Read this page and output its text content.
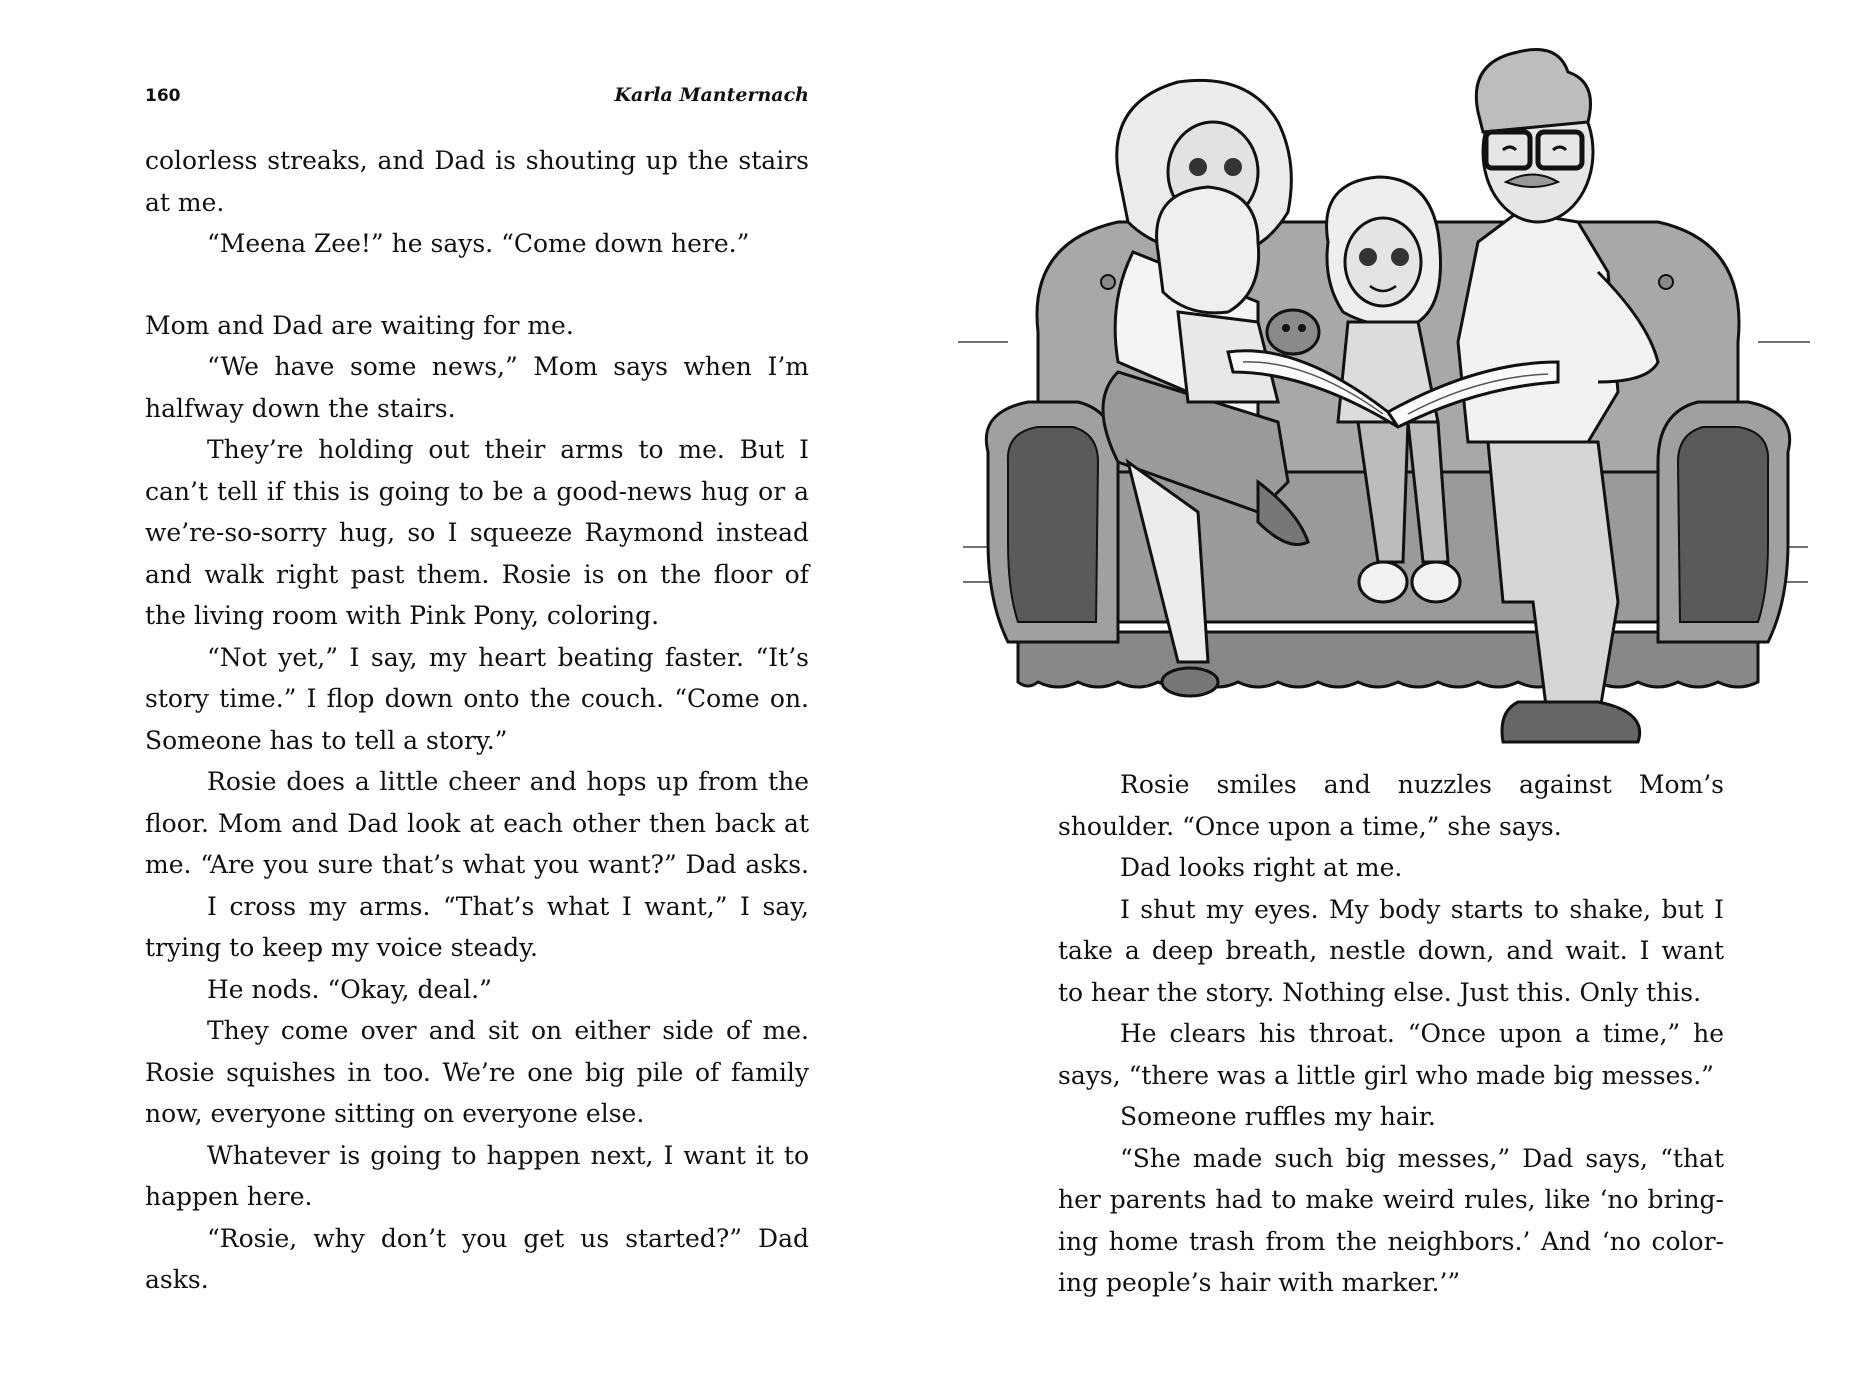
160	Karla Manternach
colorless streaks, and Dad is shouting up the stairs
at me.
“Meena Zee!” he says. “Come down here.”
Mom and Dad are waiting for me.
“We have some news,” Mom says when I’m
halfway down the stairs.
They’re holding out their arms to me. But I
can’t tell if this is going to be a good-news hug or a
we’re-so-sorry hug, so I squeeze Raymond instead
and walk right past them. Rosie is on the floor of
the living room with Pink Pony, coloring.
“Not yet,” I say, my heart beating faster. “It’s
story time.” I flop down onto the couch. “Come on.
Someone has to tell a story.”
Rosie does a little cheer and hops up from the
floor. Mom and Dad look at each other then back at
me. “Are you sure that’s what you want?” Dad asks.
I cross my arms. “That’s what I want,” I say,
trying to keep my voice steady.
He nods. “Okay, deal.”
They come over and sit on either side of me.
Rosie squishes in too. We’re one big pile of family
now, everyone sitting on everyone else.
Whatever is going to happen next, I want it to
happen here.
“Rosie, why don’t you get us started?” Dad
asks.
Rosie smiles and nuzzles against Mom’s
shoulder. “Once upon a time,” she says.
Dad looks right at me.
I shut my eyes. My body starts to shake, but I
take a deep breath, nestle down, and wait. I want
to hear the story. Nothing else. Just this. Only this.
He clears his throat. “Once upon a time,” he
says, “there was a little girl who made big messes.”
Someone ruffles my hair.
“She made such big messes,” Dad says, “that
her parents had to make weird rules, like ‘no bring-
ing home trash from the neighbors.’ And ‘no color-
ing people’s hair with marker.’”
